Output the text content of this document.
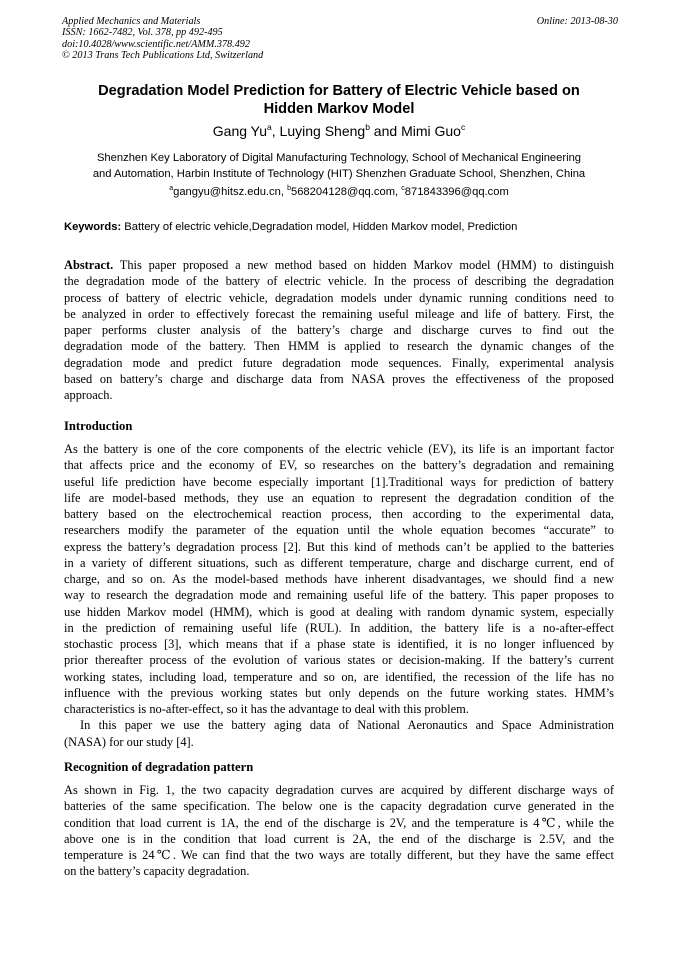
Applied Mechanics and Materials
ISSN: 1662-7482, Vol. 378, pp 492-495
doi:10.4028/www.scientific.net/AMM.378.492
© 2013 Trans Tech Publications Ltd, Switzerland
Online: 2013-08-30
Degradation Model Prediction for Battery of Electric Vehicle based on
Hidden Markov Model
Gang Yu$^a$, Luying Sheng$^b$ and Mimi Guo$^c$
Shenzhen Key Laboratory of Digital Manufacturing Technology, School of Mechanical Engineering
and Automation, Harbin Institute of Technology (HIT) Shenzhen Graduate School, Shenzhen, China
$^a$gangyu@hitsz.edu.cn, $^b$568204128@qq.com, $^c$871843396@qq.com
Keywords: Battery of electric vehicle,Degradation model, Hidden Markov model, Prediction
Abstract. This paper proposed a new method based on hidden Markov model (HMM) to distinguish
the degradation mode of the battery of electric vehicle. In the process of describing the degradation
process of battery of electric vehicle, degradation models under dynamic running conditions need to
be analyzed in order to effectively forecast the remaining useful mileage and life of battery. First, the
paper performs cluster analysis of the battery’s charge and discharge curves to find out the
degradation mode of the battery. Then HMM is applied to research the dynamic changes of the
degradation mode and predict future degradation mode sequences. Finally, experimental analysis
based on battery’s charge and discharge data from NASA proves the effectiveness of the proposed
approach.
Introduction
As the battery is one of the core components of the electric vehicle (EV), its life is an important factor
that affects price and the economy of EV, so researches on the battery’s degradation and remaining
useful life prediction have become especially important [1].Traditional ways for prediction of battery
life are model-based methods, they use an equation to represent the degradation condition of the
battery based on the electrochemical reaction process, then according to the experimental data,
researchers modify the parameter of the equation until the whole equation becomes “accurate” to
express the battery’s degradation process [2]. But this kind of methods can’t be applied to the batteries
in a variety of different situations, such as different temperature, charge and discharge current, end of
charge, and so on. As the model-based methods have inherent disadvantages, we should find a new
way to research the degradation mode and remaining useful life of the battery. This paper proposes to
use hidden Markov model (HMM), which is good at dealing with random dynamic system, especially
in the prediction of remaining useful life (RUL). In addition, the battery life is a no-after-effect
stochastic process [3], which means that if a phase state is identified, it is no longer influenced by
prior thereafter process of the evolution of various states or decision-making. If the battery’s current
working states, including load, temperature and so on, are identified, the recession of the life has no
influence with the previous working states but only depends on the future working states. HMM’s
characteristics is no-after-effect, so it has the advantage to deal with this problem.
In this paper we use the battery aging data of National Aeronautics and Space Administration
(NASA) for our study [4].
Recognition of degradation pattern
As shown in Fig. 1, the two capacity degradation curves are acquired by different discharge ways of
batteries of the same specification. The below one is the capacity degradation curve generated in the
condition that load current is 1A, the end of the discharge is 2V, and the temperature is 4℃, while the
above one is in the condition that load current is 2A, the end of the discharge is 2.5V, and the
temperature is 24℃. We can find that the two ways are totally different, but they have the same effect
on the battery’s capacity degradation.
